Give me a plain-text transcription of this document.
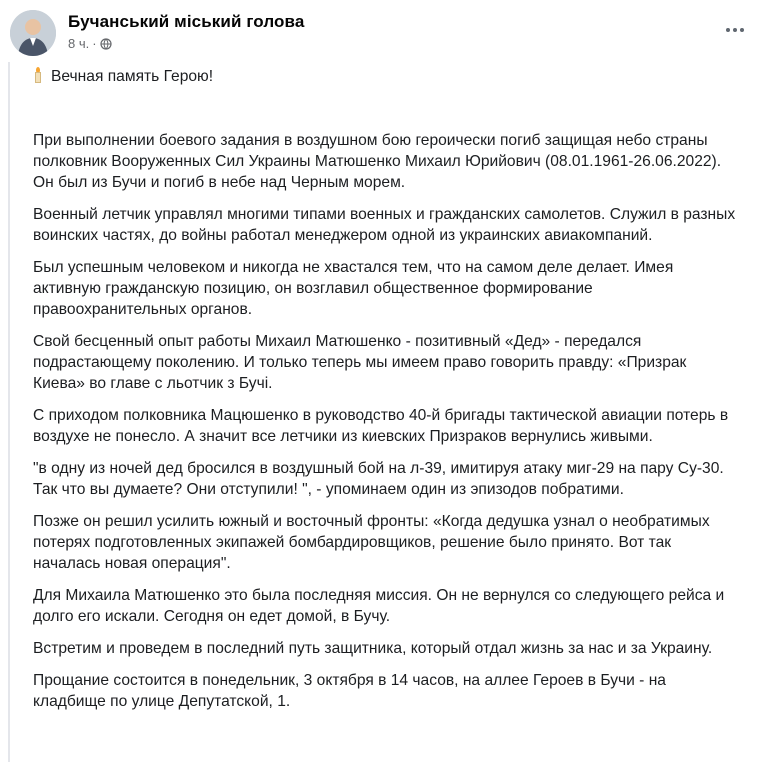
Бучанський міський голова
8 ч. ·

Вечная память Герою!

При выполнении боевого задания в воздушном бою героически погиб защищая небо страны полковник Вооруженных Сил Украины Матюшенко Михаил Юрийович (08.01.1961-26.06.2022). Он был из Бучи и погиб в небе над Черным морем.

Военный летчик управлял многими типами военных и гражданских самолетов. Служил в разных воинских частях, до войны работал менеджером одной из украинских авиакомпаний.

Был успешным человеком и никогда не хвастался тем, что на самом деле делает. Имея активную гражданскую позицию, он возглавил общественное формирование правоохранительных органов.

Свой бесценный опыт работы Михаил Матюшенко - позитивный «Дед» - передался подрастающему поколению. И только теперь мы имеем право говорить правду: «Призрак Киева» во главе с льотчик з Бучі.

С приходом полковника Мацюшенко в руководство 40-й бригады тактической авиации потерь в воздухе не понесло. А значит все летчики из киевских Призраков вернулись живыми.

"в одну из ночей дед бросился в воздушный бой на л-39, имитируя атаку миг-29 на пару Су-30. Так что вы думаете? Они отступили! ", - упоминаем один из эпизодов побратими.

Позже он решил усилить южный и восточный фронты: «Когда дедушка узнал о необратимых потерях подготовленных экипажей бомбардировщиков, решение было принято. Вот так началась новая операция".

Для Михаила Матюшенко это была последняя миссия. Он не вернулся со следующего рейса и долго его искали. Сегодня он едет домой, в Бучу.

Встретим и проведем в последний путь защитника, который отдал жизнь за нас и за Украину.

Прощание состоится в понедельник, 3 октября в 14 часов, на аллее Героев в Бучи - на кладбище по улице Депутатской, 1.
